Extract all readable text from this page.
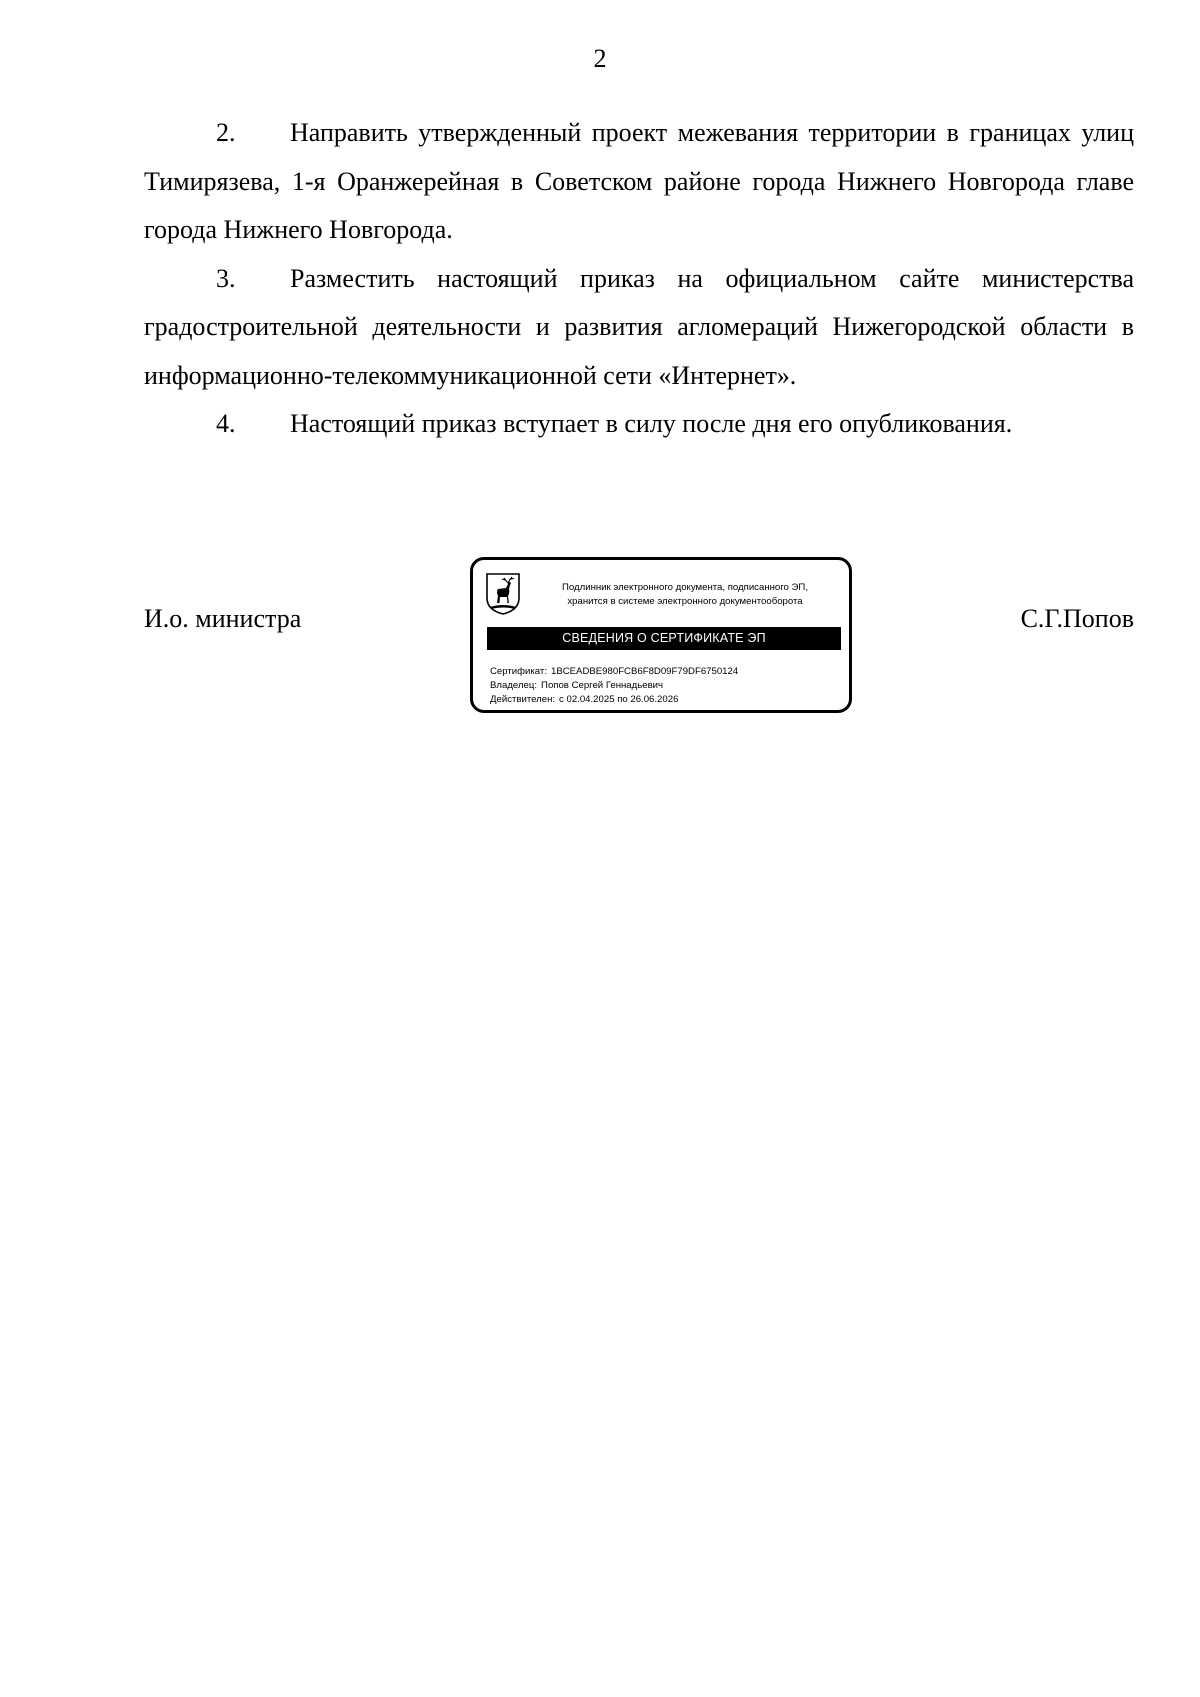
2

2. Направить утвержденный проект межевания территории в границах улиц Тимирязева, 1-я Оранжерейная в Советском районе города Нижнего Новгорода главе города Нижнего Новгорода.

3. Разместить настоящий приказ на официальном сайте министерства градостроительной деятельности и развития агломераций Нижегородской области в информационно-телекоммуникационной сети «Интернет».

4. Настоящий приказ вступает в силу после дня его опубликования.

И.о. министра	С.Г.Попов
Подлинник электронного документа, подписанного ЭП,
хранится в системе электронного документооборота
СВЕДЕНИЯ О СЕРТИФИКАТЕ ЭП
Сертификат: 1BCEADBE980FCB6F8D09F79DF6750124
Владелец: Попов Сергей Геннадьевич
Действителен: с 02.04.2025 по 26.06.2026
